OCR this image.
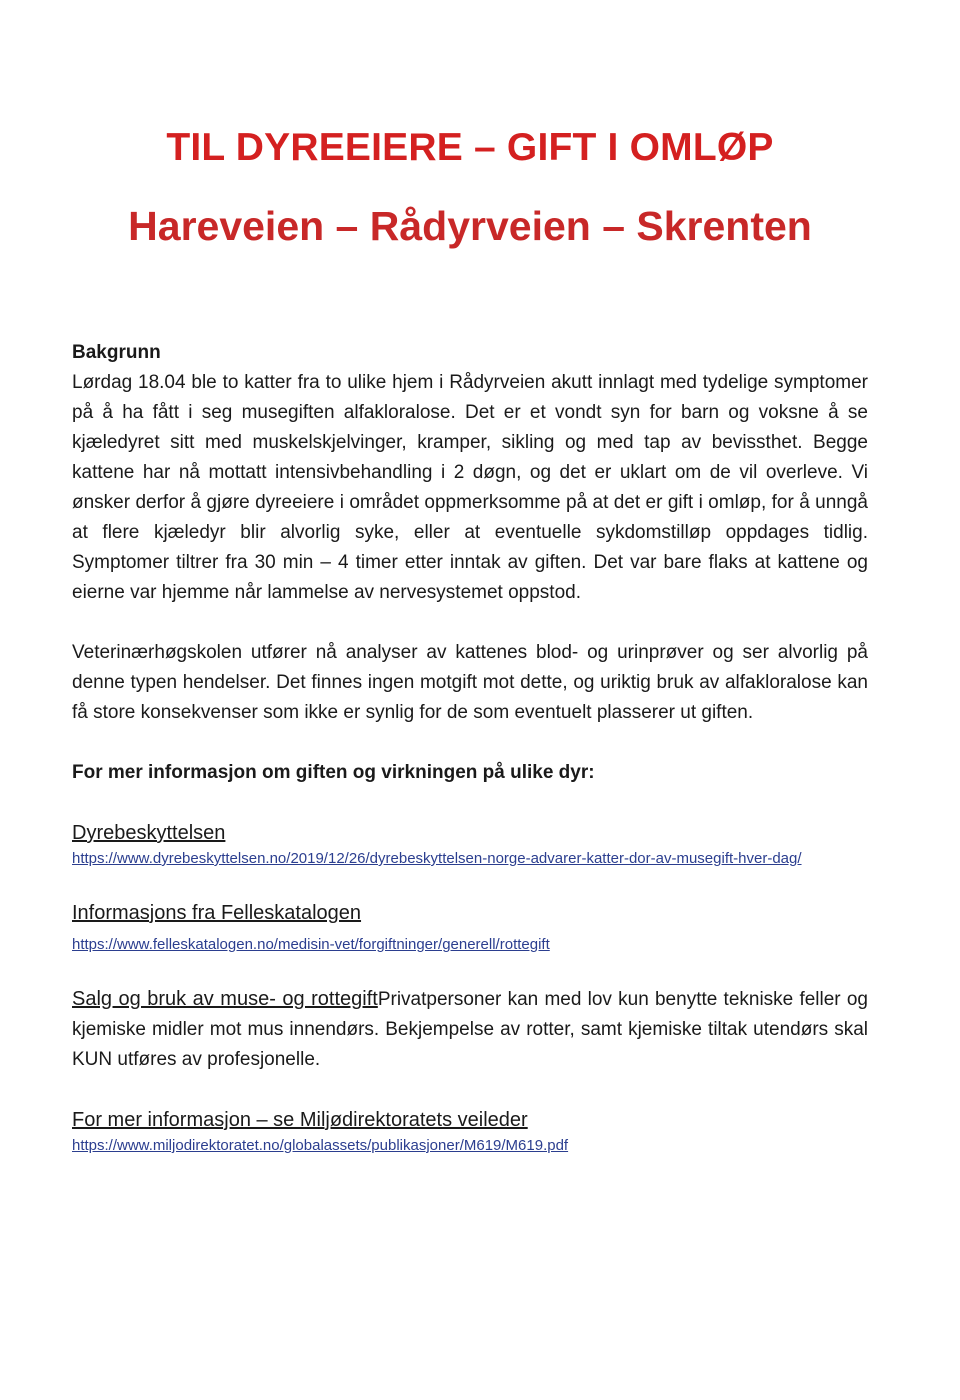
TIL DYREEIERE – GIFT I OMLØP
Hareveien – Rådyrveien – Skrenten

Bakgrunn

Lørdag 18.04 ble to katter fra to ulike hjem i Rådyrveien akutt innlagt med tydelige symptomer på å ha fått i seg musegiften alfakloralose. Det er et vondt syn for barn og voksne å se kjæledyret sitt med muskelskjelvinger, kramper, sikling og med tap av bevissthet. Begge kattene har nå mottatt intensivbehandling i 2 døgn, og det er uklart om de vil overleve. Vi ønsker derfor å gjøre dyreeiere i området oppmerksomme på at det er gift i omløp, for å unngå at flere kjæledyr blir alvorlig syke, eller at eventuelle sykdomstilløp oppdages tidlig. Symptomer tiltrer fra 30 min – 4 timer etter inntak av giften. Det var bare flaks at kattene og eierne var hjemme når lammelse av nervesystemet oppstod.

Veterinærhøgskolen utfører nå analyser av kattenes blod- og urinprøver og ser alvorlig på denne typen hendelser. Det finnes ingen motgift mot dette, og uriktig bruk av alfakloralose kan få store konsekvenser som ikke er synlig for de som eventuelt plasserer ut giften.

For mer informasjon om giften og virkningen på ulike dyr:

Dyrebeskyttelsen

https://www.dyrebeskyttelsen.no/2019/12/26/dyrebeskyttelsen-norge-advarer-katter-dor-av-musegift-hver-dag/

Informasjons fra Felleskatalogen

https://www.felleskatalogen.no/medisin-vet/forgiftninger/generell/rottegift

Salg og bruk av muse- og rottegiftPrivatpersoner kan med lov kun benytte tekniske feller og kjemiske midler mot mus innendørs. Bekjempelse av rotter, samt kjemiske tiltak utendørs skal KUN utføres av profesjonelle.

For mer informasjon – se Miljødirektoratets veileder

https://www.miljodirektoratet.no/globalassets/publikasjoner/M619/M619.pdf
